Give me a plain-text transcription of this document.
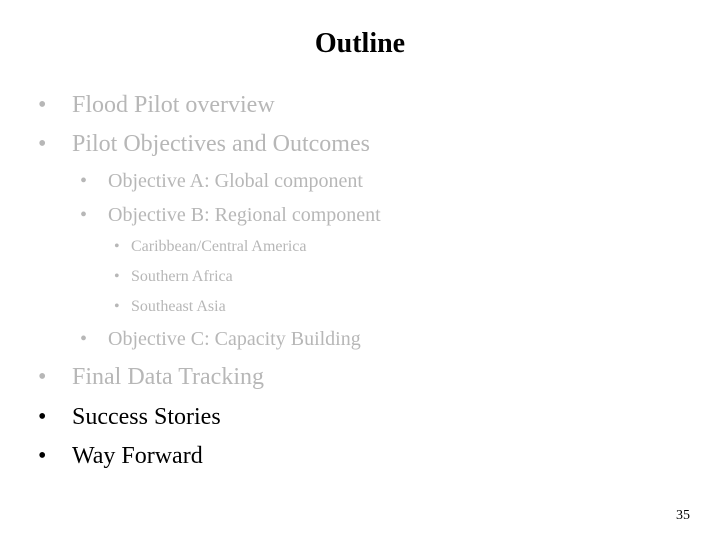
Outline
• Flood Pilot overview
• Pilot Objectives and Outcomes
• Objective A: Global component
• Objective B: Regional component
• Caribbean/Central America
• Southern Africa
• Southeast Asia
• Objective C: Capacity Building
• Final Data Tracking
• Success Stories
• Way Forward
35
